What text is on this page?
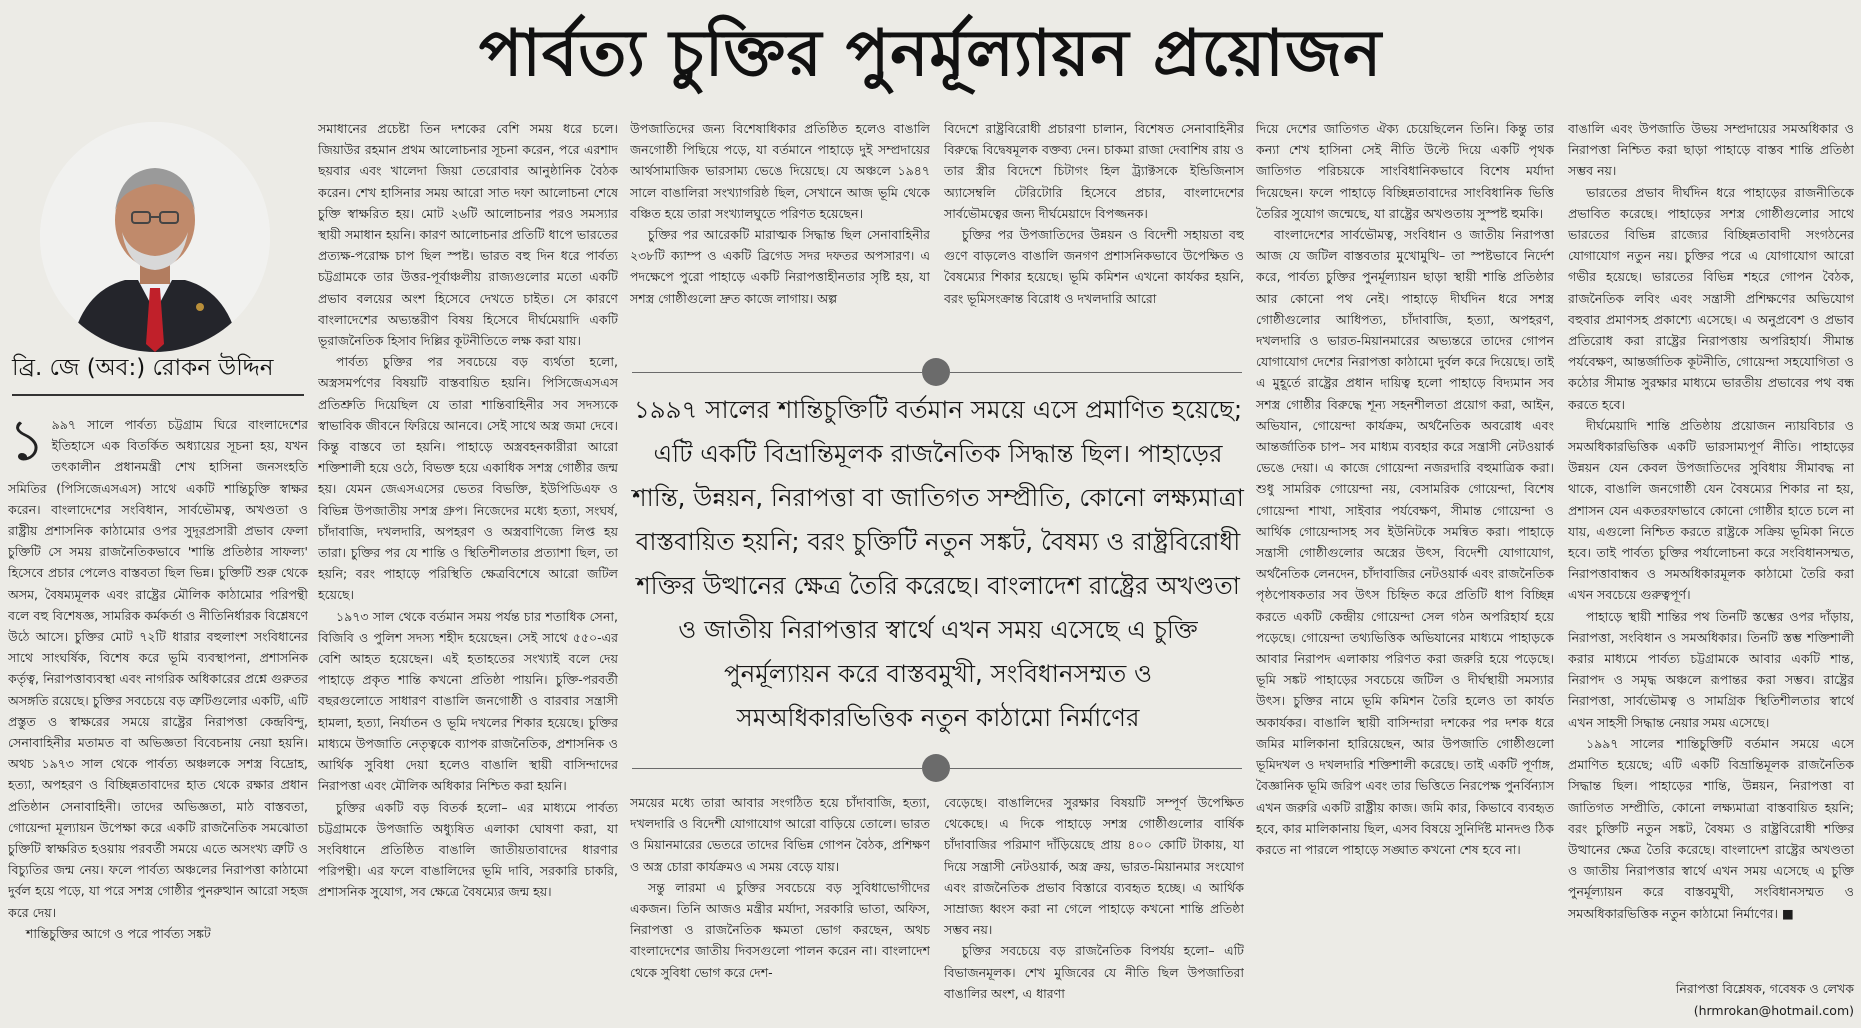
পার্বত্য চুক্তির পুনর্মূল্যায়ন প্রয়োজন
ব্রি. জে (অব:) রোকন উদ্দিন

১ ৯৯৭ সালে পার্বত্য চট্টগ্রাম ঘিরে বাংলাদেশের ইতিহাসে এক বিতর্কিত অধ্যায়ের সূচনা হয়, যখন তৎকালীন প্রধানমন্ত্রী শেখ হাসিনা জনসংহতি সমিতির (পিসিজেএসএস) সাথে একটি শান্তিচুক্তি স্বাক্ষর করেন। বাংলাদেশের সংবিধান, সার্বভৌমত্ব, অখণ্ডতা ও রাষ্ট্রীয় প্রশাসনিক কাঠামোর ওপর সুদূরপ্রসারী প্রভাব ফেলা চুক্তিটি সে সময় রাজনৈতিকভাবে 'শান্তি প্রতিষ্ঠার সাফল্য' হিসেবে প্রচার পেলেও বাস্তবতা ছিল ভিন্ন। চুক্তিটি শুরু থেকে অসম, বৈষম্যমূলক এবং রাষ্ট্রের মৌলিক কাঠামোর পরিপন্থী বলে বহু বিশেষজ্ঞ, সামরিক কর্মকর্তা ও নীতিনির্ধারক বিশ্লেষণে উঠে আসে। চুক্তির মোট ৭২টি ধারার বহুলাংশ সংবিধানের সাথে সাংঘর্ষিক, বিশেষ করে ভূমি ব্যবস্থাপনা, প্রশাসনিক কর্তৃত্ব, নিরাপত্তাব্যবস্থা এবং নাগরিক অধিকারের প্রশ্নে গুরুতর অসঙ্গতি রয়েছে। চুক্তির সবচেয়ে বড় ত্রুটিগুলোর একটি, এটি প্রস্তুত ও স্বাক্ষরের সময়ে রাষ্ট্রের নিরাপত্তা কেন্দ্রবিন্দু, সেনাবাহিনীর মতামত বা অভিজ্ঞতা বিবেচনায় নেয়া হয়নি। অথচ ১৯৭৩ সাল থেকে পার্বত্য অঞ্চলকে সশস্ত্র বিদ্রোহ, হত্যা, অপহরণ ও বিচ্ছিন্নতাবাদের হাত থেকে রক্ষার প্রধান প্রতিষ্ঠান সেনাবাহিনী। তাদের অভিজ্ঞতা, মাঠ বাস্তবতা, গোয়েন্দা মূল্যায়ন উপেক্ষা করে একটি রাজনৈতিক সমঝোতা চুক্তিটি স্বাক্ষরিত হওয়ায় পরবর্তী সময়ে এতে অসংখ্য ত্রুটি ও বিচ্যুতির জন্ম নেয়। ফলে পার্বত্য অঞ্চলের নিরাপত্তা কাঠামো দুর্বল হয়ে পড়ে, যা পরে সশস্ত্র গোষ্ঠীর পুনরুত্থান আরো সহজ করে দেয়।

শান্তিচুক্তির আগে ও পরে পার্বত্য সঙ্কট

সমাধানের প্রচেষ্টা তিন দশকের বেশি সময় ধরে চলে। জিয়াউর রহমান প্রথম আলোচনার সূচনা করেন, পরে এরশাদ ছয়বার এবং খালেদা জিয়া তেরোবার আনুষ্ঠানিক বৈঠক করেন। শেখ হাসিনার সময় আরো সাত দফা আলোচনা শেষে চুক্তি স্বাক্ষরিত হয়। মোট ২৬টি আলোচনার পরও সমস্যার স্থায়ী সমাধান হয়নি। কারণ আলোচনার প্রতিটি ধাপে ভারতের প্রত্যক্ষ-পরোক্ষ চাপ ছিল স্পষ্ট। ভারত বহু দিন ধরে পার্বত্য চট্টগ্রামকে তার উত্তর-পূর্বাঞ্চলীয় রাজ্যগুলোর মতো একটি প্রভাব বলয়ের অংশ হিসেবে দেখতে চাইত। সে কারণে বাংলাদেশের অভ্যন্তরীণ বিষয় হিসেবে দীর্ঘমেয়াদি একটি ভূরাজনৈতিক হিসাব দিল্লির কূটনীতিতে লক্ষ করা যায়।

পার্বত্য চুক্তির পর সবচেয়ে বড় ব্যর্থতা হলো, অস্ত্রসমর্পণের বিষয়টি বাস্তবায়িত হয়নি। পিসিজেএসএস প্রতিশ্রুতি দিয়েছিল যে তারা শান্তিবাহিনীর সব সদস্যকে স্বাভাবিক জীবনে ফিরিয়ে আনবে। সেই সাথে অস্ত্র জমা দেবে। কিন্তু বাস্তবে তা হয়নি। পাহাড়ে অস্ত্রবহনকারীরা আরো শক্তিশালী হয়ে ওঠে, বিভক্ত হয়ে একাধিক সশস্ত্র গোষ্ঠীর জন্ম হয়। যেমন জেএসএসের ভেতর বিভক্তি, ইউপিডিএফ ও বিভিন্ন উপজাতীয় সশস্ত্র গ্রুপ। নিজেদের মধ্যে হত্যা, সংঘর্ষ, চাঁদাবাজি, দখলদারি, অপহরণ ও অস্ত্রবাণিজ্যে লিপ্ত হয় তারা। চুক্তির পর যে শান্তি ও স্থিতিশীলতার প্রত্যাশা ছিল, তা হয়নি; বরং পাহাড়ে পরিস্থিতি ক্ষেত্রবিশেষে আরো জটিল হয়েছে।

১৯৭৩ সাল থেকে বর্তমান সময় পর্যন্ত চার শতাধিক সেনা, বিজিবি ও পুলিশ সদস্য শহীদ হয়েছেন। সেই সাথে ৫৫০-এর বেশি আহত হয়েছেন। এই হতাহতের সংখ্যাই বলে দেয় পাহাড়ে প্রকৃত শান্তি কখনো প্রতিষ্ঠা পায়নি। চুক্তি-পরবর্তী বছরগুলোতে সাধারণ বাঙালি জনগোষ্ঠী ও বারবার সন্ত্রাসী হামলা, হত্যা, নির্যাতন ও ভূমি দখলের শিকার হয়েছে। চুক্তির মাধ্যমে উপজাতি নেতৃত্বকে ব্যাপক রাজনৈতিক, প্রশাসনিক ও আর্থিক সুবিধা দেয়া হলেও বাঙালি স্থায়ী বাসিন্দাদের নিরাপত্তা এবং মৌলিক অধিকার নিশ্চিত করা হয়নি।

চুক্তির একটি বড় বিতর্ক হলো– এর মাধ্যমে পার্বত্য চট্টগ্রামকে উপজাতি অধ্যুষিত এলাকা ঘোষণা করা, যা সংবিধানে প্রতিষ্ঠিত বাঙালি জাতীয়তাবাদের ধারণার পরিপন্থী। এর ফলে বাঙালিদের ভূমি দাবি, সরকারি চাকরি, প্রশাসনিক সুযোগ, সব ক্ষেত্রে বৈষম্যের জন্ম হয়।

উপজাতিদের জন্য বিশেষাধিকার প্রতিষ্ঠিত হলেও বাঙালি জনগোষ্ঠী পিছিয়ে পড়ে, যা বর্তমানে পাহাড়ে দুই সম্প্রদায়ের আর্থসামাজিক ভারসাম্য ভেঙে দিয়েছে। যে অঞ্চলে ১৯৪৭ সালে বাঙালিরা সংখ্যাগরিষ্ঠ ছিল, সেখানে আজ ভূমি থেকে বঞ্চিত হয়ে তারা সংখ্যালঘুতে পরিণত হয়েছেন।

চুক্তির পর আরেকটি মারাত্মক সিদ্ধান্ত ছিল সেনাবাহিনীর ২৩৮টি ক্যাম্প ও একটি ব্রিগেড সদর দফতর অপসারণ। এ পদক্ষেপে পুরো পাহাড়ে একটি নিরাপত্তাহীনতার সৃষ্টি হয়, যা সশস্ত্র গোষ্ঠীগুলো দ্রুত কাজে লাগায়। অল্প

বিদেশে রাষ্ট্রবিরোধী প্রচারণা চালান, বিশেষত সেনাবাহিনীর বিরুদ্ধে বিদ্বেষমূলক বক্তব্য দেন। চাকমা রাজা দেবাশিষ রায় ও তার স্ত্রীর বিদেশে চিটাগং হিল ট্র্যাক্টসকে ইন্ডিজিনাস অ্যাসেম্বলি টেরিটোরি হিসেবে প্রচার, বাংলাদেশের সার্বভৌমত্বের জন্য দীর্ঘমেয়াদে বিপজ্জনক।

চুক্তির পর উপজাতিদের উন্নয়ন ও বিদেশী সহায়তা বহু গুণে বাড়লেও বাঙালি জনগণ প্রশাসনিকভাবে উপেক্ষিত ও বৈষম্যের শিকার হয়েছে। ভূমি কমিশন এখনো কার্যকর হয়নি, বরং ভূমিসংক্রান্ত বিরোধ ও দখলদারি আরো

১৯৯৭ সালের শান্তিচুক্তিটি বর্তমান সময়ে এসে প্রমাণিত হয়েছে; এটি একটি বিভ্রান্তিমূলক রাজনৈতিক সিদ্ধান্ত ছিল। পাহাড়ের শান্তি, উন্নয়ন, নিরাপত্তা বা জাতিগত সম্প্রীতি, কোনো লক্ষ্যমাত্রা বাস্তবায়িত হয়নি; বরং চুক্তিটি নতুন সঙ্কট, বৈষম্য ও রাষ্ট্রবিরোধী শক্তির উত্থানের ক্ষেত্র তৈরি করেছে। বাংলাদেশ রাষ্ট্রের অখণ্ডতা ও জাতীয় নিরাপত্তার স্বার্থে এখন সময় এসেছে এ চুক্তি পুনর্মূল্যায়ন করে বাস্তবমুখী, সংবিধানসম্মত ও সমঅধিকারভিত্তিক নতুন কাঠামো নির্মাণের

সময়ের মধ্যে তারা আবার সংগঠিত হয়ে চাঁদাবাজি, হত্যা, দখলদারি ও বিদেশী যোগাযোগ আরো বাড়িয়ে তোলে। ভারত ও মিয়ানমারের ভেতরে তাদের বিভিন্ন গোপন বৈঠক, প্রশিক্ষণ ও অস্ত্র চোরা কার্যক্রমও এ সময় বেড়ে যায়।

সন্তু লারমা এ চুক্তির সবচেয়ে বড় সুবিধাভোগীদের একজন। তিনি আজও মন্ত্রীর মর্যাদা, সরকারি ভাতা, অফিস, নিরাপত্তা ও রাজনৈতিক ক্ষমতা ভোগ করছেন, অথচ বাংলাদেশের জাতীয় দিবসগুলো পালন করেন না। বাংলাদেশ থেকে সুবিধা ভোগ করে দেশ-

বেড়েছে। বাঙালিদের সুরক্ষার বিষয়টি সম্পূর্ণ উপেক্ষিত থেকেছে। এ দিকে পাহাড়ে সশস্ত্র গোষ্ঠীগুলোর বার্ষিক চাঁদাবাজির পরিমাণ দাঁড়িয়েছে প্রায় ৪০০ কোটি টাকায়, যা দিয়ে সন্ত্রাসী নেটওয়ার্ক, অস্ত্র ক্রয়, ভারত-মিয়ানমার সংযোগ এবং রাজনৈতিক প্রভাব বিস্তারে ব্যবহৃত হচ্ছে। এ আর্থিক সাম্রাজ্য ধ্বংস করা না গেলে পাহাড়ে কখনো শান্তি প্রতিষ্ঠা সম্ভব নয়।

চুক্তির সবচেয়ে বড় রাজনৈতিক বিপর্যয় হলো– এটি বিভাজনমূলক। শেখ মুজিবের যে নীতি ছিল উপজাতিরা বাঙালির অংশ, এ ধারণা

দিয়ে দেশের জাতিগত ঐক্য চেয়েছিলেন তিনি। কিন্তু তার কন্যা শেখ হাসিনা সেই নীতি উল্টে দিয়ে একটি পৃথক জাতিগত পরিচয়কে সাংবিধানিকভাবে বিশেষ মর্যাদা দিয়েছেন। ফলে পাহাড়ে বিচ্ছিন্নতাবাদের সাংবিধানিক ভিত্তি তৈরির সুযোগ জন্মেছে, যা রাষ্ট্রের অখণ্ডতায় সুস্পষ্ট হুমকি।

বাংলাদেশের সার্বভৌমত্ব, সংবিধান ও জাতীয় নিরাপত্তা আজ যে জটিল বাস্তবতার মুখোমুখি– তা স্পষ্টভাবে নির্দেশ করে, পার্বত্য চুক্তির পুনর্মূল্যায়ন ছাড়া স্থায়ী শান্তি প্রতিষ্ঠার আর কোনো পথ নেই। পাহাড়ে দীর্ঘদিন ধরে সশস্ত্র গোষ্ঠীগুলোর আধিপত্য, চাঁদাবাজি, হত্যা, অপহরণ, দখলদারি ও ভারত-মিয়ানমারের অভ্যন্তরে তাদের গোপন যোগাযোগ দেশের নিরাপত্তা কাঠামো দুর্বল করে দিয়েছে। তাই এ মুহূর্তে রাষ্ট্রের প্রধান দায়িত্ব হলো পাহাড়ে বিদ্যমান সব সশস্ত্র গোষ্ঠীর বিরুদ্ধে শূন্য সহনশীলতা প্রয়োগ করা, আইন, অভিযান, গোয়েন্দা কার্যক্রম, অর্থনৈতিক অবরোধ এবং আন্তর্জাতিক চাপ– সব মাধ্যম ব্যবহার করে সন্ত্রাসী নেটওয়ার্ক ভেঙে দেয়া। এ কাজে গোয়েন্দা নজরদারি বহুমাত্রিক করা। শুধু সামরিক গোয়েন্দা নয়, বেসামরিক গোয়েন্দা, বিশেষ গোয়েন্দা শাখা, সাইবার পর্যবেক্ষণ, সীমান্ত গোয়েন্দা ও আর্থিক গোয়েন্দাসহ সব ইউনিটকে সমন্বিত করা। পাহাড়ে সন্ত্রাসী গোষ্ঠীগুলোর অস্ত্রের উৎস, বিদেশী যোগাযোগ, অর্থনৈতিক লেনদেন, চাঁদাবাজির নেটওয়ার্ক এবং রাজনৈতিক পৃষ্ঠপোষকতার সব উৎস চিহ্নিত করে প্রতিটি ধাপ বিচ্ছিন্ন করতে একটি কেন্দ্রীয় গোয়েন্দা সেল গঠন অপরিহার্য হয়ে পড়েছে। গোয়েন্দা তথ্যভিত্তিক অভিযানের মাধ্যমে পাহাড়কে আবার নিরাপদ এলাকায় পরিণত করা জরুরি হয়ে পড়েছে। ভূমি সঙ্কট পাহাড়ের সবচেয়ে জটিল ও দীর্ঘস্থায়ী সমস্যার উৎস। চুক্তির নামে ভূমি কমিশন তৈরি হলেও তা কার্যত অকার্যকর। বাঙালি স্থায়ী বাসিন্দারা দশকের পর দশক ধরে জমির মালিকানা হারিয়েছেন, আর উপজাতি গোষ্ঠীগুলো ভূমিদখল ও দখলদারি শক্তিশালী করেছে। তাই একটি পূর্ণাঙ্গ, বৈজ্ঞানিক ভূমি জরিপ এবং তার ভিত্তিতে নিরপেক্ষ পুনর্বিন্যাস এখন জরুরি একটি রাষ্ট্রীয় কাজ। জমি কার, কিভাবে ব্যবহৃত হবে, কার মালিকানায় ছিল, এসব বিষয়ে সুনির্দিষ্ট মানদণ্ড ঠিক করতে না পারলে পাহাড়ে সঙ্ঘাত কখনো শেষ হবে না।

বাঙালি এবং উপজাতি উভয় সম্প্রদায়ের সমঅধিকার ও নিরাপত্তা নিশ্চিত করা ছাড়া পাহাড়ে বাস্তব শান্তি প্রতিষ্ঠা সম্ভব নয়।

ভারতের প্রভাব দীর্ঘদিন ধরে পাহাড়ের রাজনীতিকে প্রভাবিত করেছে। পাহাড়ের সশস্ত্র গোষ্ঠীগুলোর সাথে ভারতের বিভিন্ন রাজ্যের বিচ্ছিন্নতাবাদী সংগঠনের যোগাযোগ নতুন নয়। চুক্তির পরে এ যোগাযোগ আরো গভীর হয়েছে। ভারতের বিভিন্ন শহরে গোপন বৈঠক, রাজনৈতিক লবিং এবং সন্ত্রাসী প্রশিক্ষণের অভিযোগ বহুবার প্রমাণসহ প্রকাশ্যে এসেছে। এ অনুপ্রবেশ ও প্রভাব প্রতিরোধ করা রাষ্ট্রের নিরাপত্তায় অপরিহার্য। সীমান্ত পর্যবেক্ষণ, আন্তর্জাতিক কূটনীতি, গোয়েন্দা সহযোগিতা ও কঠোর সীমান্ত সুরক্ষার মাধ্যমে ভারতীয় প্রভাবের পথ বন্ধ করতে হবে।

দীর্ঘমেয়াদি শান্তি প্রতিষ্ঠায় প্রয়োজন ন্যায়বিচার ও সমঅধিকারভিত্তিক একটি ভারসাম্যপূর্ণ নীতি। পাহাড়ের উন্নয়ন যেন কেবল উপজাতিদের সুবিধায় সীমাবদ্ধ না থাকে, বাঙালি জনগোষ্ঠী যেন বৈষম্যের শিকার না হয়, প্রশাসন যেন একতরফাভাবে কোনো গোষ্ঠীর হাতে চলে না যায়, এগুলো নিশ্চিত করতে রাষ্ট্রকে সক্রিয় ভূমিকা নিতে হবে। তাই পার্বত্য চুক্তির পর্যালোচনা করে সংবিধানসম্মত, নিরাপত্তাবান্ধব ও সমঅধিকারমূলক কাঠামো তৈরি করা এখন সবচেয়ে গুরুত্বপূর্ণ।

পাহাড়ে স্থায়ী শান্তির পথ তিনটি স্তম্ভের ওপর দাঁড়ায়, নিরাপত্তা, সংবিধান ও সমঅধিকার। তিনটি স্তম্ভ শক্তিশালী করার মাধ্যমে পার্বত্য চট্টগ্রামকে আবার একটি শান্ত, নিরাপদ ও সমৃদ্ধ অঞ্চলে রূপান্তর করা সম্ভব। রাষ্ট্রের নিরাপত্তা, সার্বভৌমত্ব ও সামগ্রিক স্থিতিশীলতার স্বার্থে এখন সাহসী সিদ্ধান্ত নেয়ার সময় এসেছে।

১৯৯৭ সালের শান্তিচুক্তিটি বর্তমান সময়ে এসে প্রমাণিত হয়েছে; এটি একটি বিভ্রান্তিমূলক রাজনৈতিক সিদ্ধান্ত ছিল। পাহাড়ের শান্তি, উন্নয়ন, নিরাপত্তা বা জাতিগত সম্প্রীতি, কোনো লক্ষ্যমাত্রা বাস্তবায়িত হয়নি; বরং চুক্তিটি নতুন সঙ্কট, বৈষম্য ও রাষ্ট্রবিরোধী শক্তির উত্থানের ক্ষেত্র তৈরি করেছে। বাংলাদেশ রাষ্ট্রের অখণ্ডতা ও জাতীয় নিরাপত্তার স্বার্থে এখন সময় এসেছে এ চুক্তি পুনর্মূল্যায়ন করে বাস্তবমুখী, সংবিধানসম্মত ও সমঅধিকারভিত্তিক নতুন কাঠামো নির্মাণের। ■

নিরাপত্তা বিশ্লেষক, গবেষক ও লেখক
(hrmrokan@hotmail.com)
